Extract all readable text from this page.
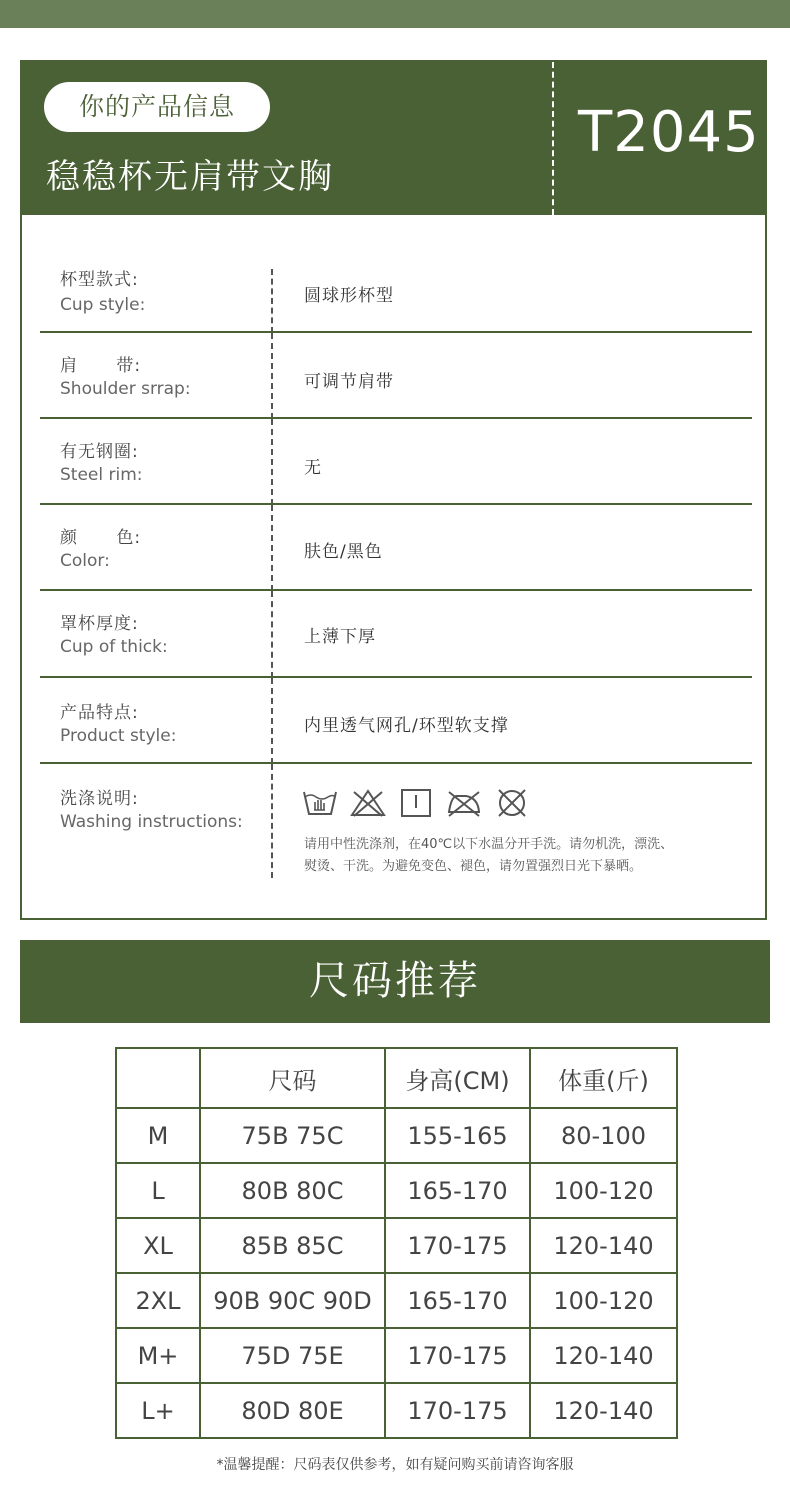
你的产品信息
稳稳杯无肩带文胸
T2045
杯型款式:
Cup style:	圆球形杯型
肩      带:
Shoulder srrap:	可调节肩带
有无钢圈:
Steel rim:	无
颜      色:
Color:	肤色/黑色
罩杯厚度:
Cup of thick:	上薄下厚
产品特点:
Product style:	内里透气网孔/环型软支撑
洗涤说明:
Washing instructions:
请用中性洗涤剂，在40℃以下水温分开手洗。请勿机洗，漂洗、
熨烫、干洗。为避免变色、褪色，请勿置强烈日光下暴晒。
尺码推荐
	尺码	身高(CM)	体重(斤)
M	75B 75C	155-165	80-100
L	80B 80C	165-170	100-120
XL	85B 85C	170-175	120-140
2XL	90B 90C 90D	165-170	100-120
M+	75D 75E	170-175	120-140
L+	80D 80E	170-175	120-140
*温馨提醒：尺码表仅供参考，如有疑问购买前请咨询客服
